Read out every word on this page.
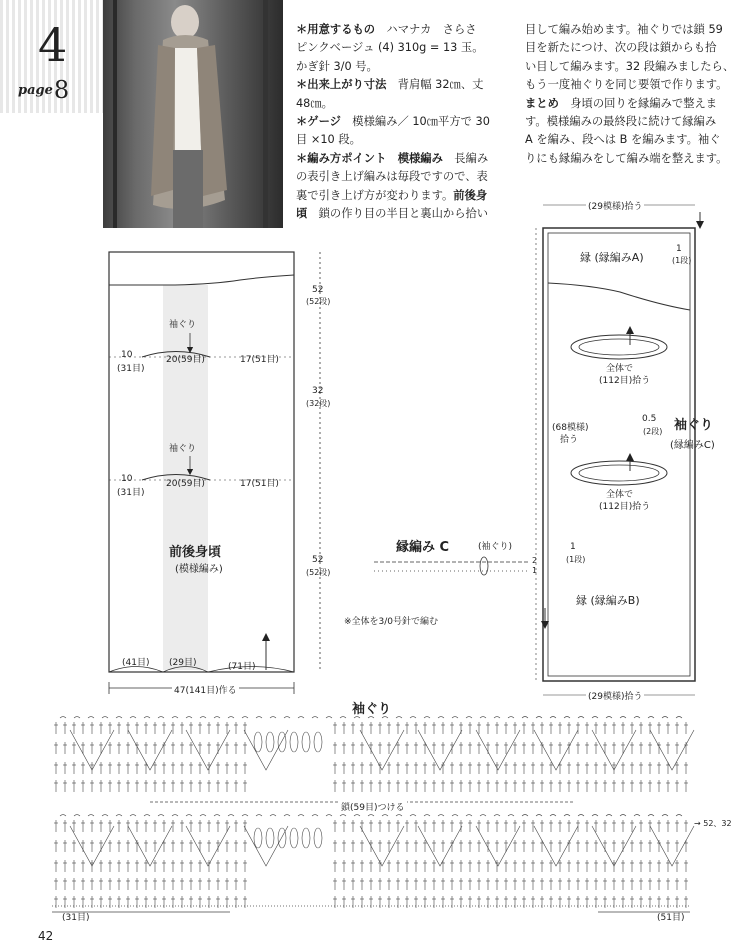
4
page8

＊用意するもの　 ハマナカ　さらさ

ピンクベージュ (4) 310g = 13 玉。

かぎ針 3/0 号。

＊出来上がり寸法　 背肩幅 32㎝、丈

48㎝。

＊ゲージ　 模様編み／ 10㎝平方で 30

目 ×10 段。

＊編み方ポイント　 模様編み　 長編み

の表引き上げ編みは毎段ですので、表

裏で引き上げ方が変わります。前後身

頃　 鎖の作り目の半目と裏山から拾い

目して編み始めます。袖ぐりでは鎖 59

目を新たにつけ、次の段は鎖からも拾

い目して編みます。32 段編みましたら、

もう一度袖ぐりを同じ要領で作ります。

まとめ　 身頃の回りを縁編みで整えま

す。模様編みの最終段に続けて縁編み

A を編み、段へは B を編みます。袖ぐ

りにも縁編みをして編み端を整えます。

52
(52段)
袖ぐり
10
(31目)
20(59目)	17(51目)
32
(32段)
袖ぐり
10
(31目)
20(59目)	17(51目)
前後身頃
(模様編み)
52
(52段)
(41目) (29目)	(71目)
47(141目)作る
(29模様)拾う
縁 (縁編みA)
1
(1段)
全体で
(112目)拾う
(68模様)
拾う
0.5
(2段) 袖ぐり
(縁編みC)
全体で
(112目)拾う
1
(1段)
縁 (縁編みB)
(29模様)拾う
縁編み C	(袖ぐり)
2
1
※全体を3/0号針で編む
袖ぐり
鎖(59目)つける
→ 52、32
(31目)	(51目)
42
